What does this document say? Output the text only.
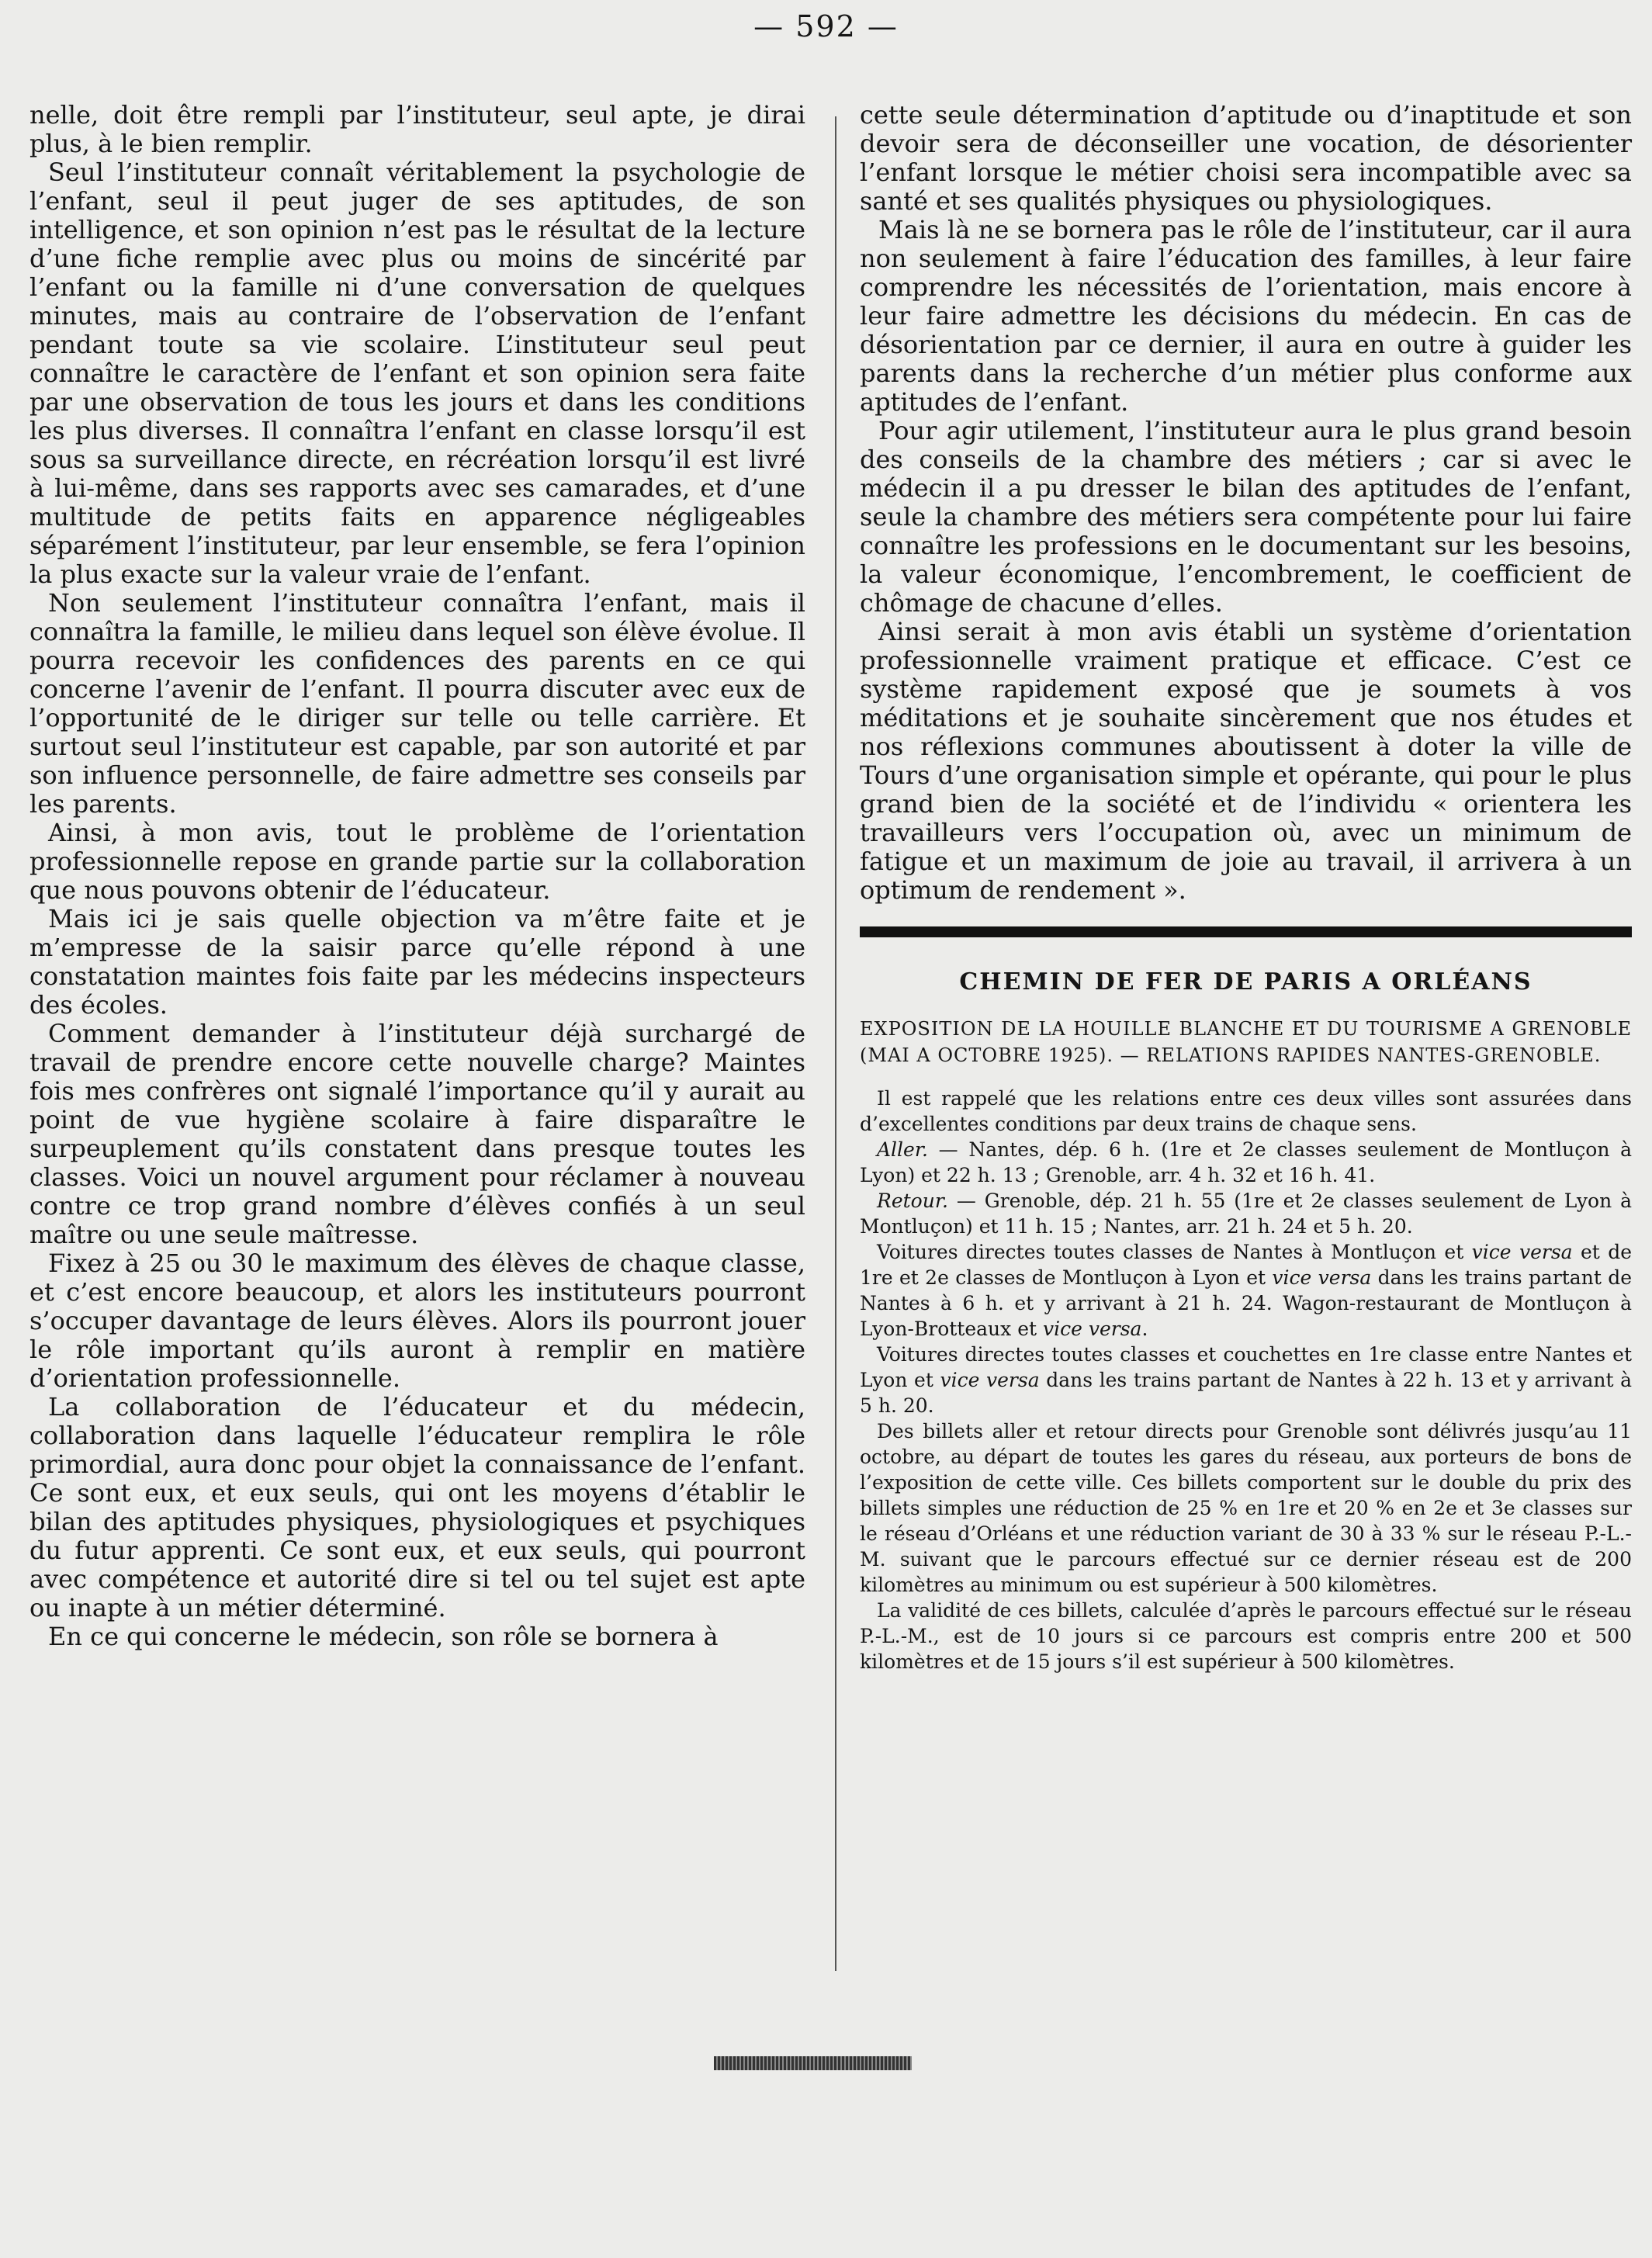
— 592 —

nelle, doit être rempli par l’instituteur, seul apte, je dirai plus, à le bien remplir.

Seul l’instituteur connaît véritablement la psychologie de l’enfant, seul il peut juger de ses aptitudes, de son intelligence, et son opinion n’est pas le résultat de la lecture d’une fiche remplie avec plus ou moins de sincérité par l’enfant ou la famille ni d’une conversation de quelques minutes, mais au contraire de l’observation de l’enfant pendant toute sa vie scolaire. L’instituteur seul peut connaître le caractère de l’enfant et son opinion sera faite par une observation de tous les jours et dans les conditions les plus diverses. Il connaîtra l’enfant en classe lorsqu’il est sous sa surveillance directe, en récréation lorsqu’il est livré à lui-même, dans ses rapports avec ses camarades, et d’une multitude de petits faits en apparence négligeables séparément l’instituteur, par leur ensemble, se fera l’opinion la plus exacte sur la valeur vraie de l’enfant.

Non seulement l’instituteur connaîtra l’enfant, mais il connaîtra la famille, le milieu dans lequel son élève évolue. Il pourra recevoir les confidences des parents en ce qui concerne l’avenir de l’enfant. Il pourra discuter avec eux de l’opportunité de le diriger sur telle ou telle carrière. Et surtout seul l’instituteur est capable, par son autorité et par son influence personnelle, de faire admettre ses conseils par les parents.

Ainsi, à mon avis, tout le problème de l’orientation professionnelle repose en grande partie sur la collaboration que nous pouvons obtenir de l’éducateur.

Mais ici je sais quelle objection va m’être faite et je m’empresse de la saisir parce qu’elle répond à une constatation maintes fois faite par les médecins inspecteurs des écoles.

Comment demander à l’instituteur déjà surchargé de travail de prendre encore cette nouvelle charge? Maintes fois mes confrères ont signalé l’importance qu’il y aurait au point de vue hygiène scolaire à faire disparaître le surpeuplement qu’ils constatent dans presque toutes les classes. Voici un nouvel argument pour réclamer à nouveau contre ce trop grand nombre d’élèves confiés à un seul maître ou une seule maîtresse.

Fixez à 25 ou 30 le maximum des élèves de chaque classe, et c’est encore beaucoup, et alors les instituteurs pourront s’occuper davantage de leurs élèves. Alors ils pourront jouer le rôle important qu’ils auront à remplir en matière d’orientation professionnelle.

La collaboration de l’éducateur et du médecin, collaboration dans laquelle l’éducateur remplira le rôle primordial, aura donc pour objet la connaissance de l’enfant. Ce sont eux, et eux seuls, qui ont les moyens d’établir le bilan des aptitudes physiques, physiologiques et psychiques du futur apprenti. Ce sont eux, et eux seuls, qui pourront avec compétence et autorité dire si tel ou tel sujet est apte ou inapte à un métier déterminé.

En ce qui concerne le médecin, son rôle se bornera à

cette seule détermination d’aptitude ou d’inaptitude et son devoir sera de déconseiller une vocation, de désorienter l’enfant lorsque le métier choisi sera incompatible avec sa santé et ses qualités physiques ou physiologiques.

Mais là ne se bornera pas le rôle de l’instituteur, car il aura non seulement à faire l’éducation des familles, à leur faire comprendre les nécessités de l’orientation, mais encore à leur faire admettre les décisions du médecin. En cas de désorientation par ce dernier, il aura en outre à guider les parents dans la recherche d’un métier plus conforme aux aptitudes de l’enfant.

Pour agir utilement, l’instituteur aura le plus grand besoin des conseils de la chambre des métiers ; car si avec le médecin il a pu dresser le bilan des aptitudes de l’enfant, seule la chambre des métiers sera compétente pour lui faire connaître les professions en le documentant sur les besoins, la valeur économique, l’encombrement, le coefficient de chômage de chacune d’elles.

Ainsi serait à mon avis établi un système d’orientation professionnelle vraiment pratique et efficace. C’est ce système rapidement exposé que je soumets à vos méditations et je souhaite sincèrement que nos études et nos réflexions communes aboutissent à doter la ville de Tours d’une organisation simple et opérante, qui pour le plus grand bien de la société et de l’individu « orientera les travailleurs vers l’occupation où, avec un minimum de fatigue et un maximum de joie au travail, il arrivera à un optimum de rendement ».

CHEMIN DE FER DE PARIS A ORLÉANS
EXPOSITION DE LA HOUILLE BLANCHE ET DU TOURISME A GRENOBLE (MAI A OCTOBRE 1925). — RELATIONS RAPIDES NANTES-GRENOBLE.

Il est rappelé que les relations entre ces deux villes sont assurées dans d’excellentes conditions par deux trains de chaque sens.

Aller. — Nantes, dép. 6 h. (1re et 2e classes seulement de Montluçon à Lyon) et 22 h. 13 ; Grenoble, arr. 4 h. 32 et 16 h. 41.

Retour. — Grenoble, dép. 21 h. 55 (1re et 2e classes seulement de Lyon à Montluçon) et 11 h. 15 ; Nantes, arr. 21 h. 24 et 5 h. 20.

Voitures directes toutes classes de Nantes à Montluçon et vice versa et de 1re et 2e classes de Montluçon à Lyon et vice versa dans les trains partant de Nantes à 6 h. et y arrivant à 21 h. 24. Wagon-restaurant de Montluçon à Lyon-Brotteaux et vice versa.

Voitures directes toutes classes et couchettes en 1re classe entre Nantes et Lyon et vice versa dans les trains partant de Nantes à 22 h. 13 et y arrivant à 5 h. 20.

Des billets aller et retour directs pour Grenoble sont délivrés jusqu’au 11 octobre, au départ de toutes les gares du réseau, aux porteurs de bons de l’exposition de cette ville. Ces billets comportent sur le double du prix des billets simples une réduction de 25 % en 1re et 20 % en 2e et 3e classes sur le réseau d’Orléans et une réduction variant de 30 à 33 % sur le réseau P.-L.-M. suivant que le parcours effectué sur ce dernier réseau est de 200 kilomètres au minimum ou est supérieur à 500 kilomètres.

La validité de ces billets, calculée d’après le parcours effectué sur le réseau P.-L.-M., est de 10 jours si ce parcours est compris entre 200 et 500 kilomètres et de 15 jours s’il est supérieur à 500 kilomètres.
